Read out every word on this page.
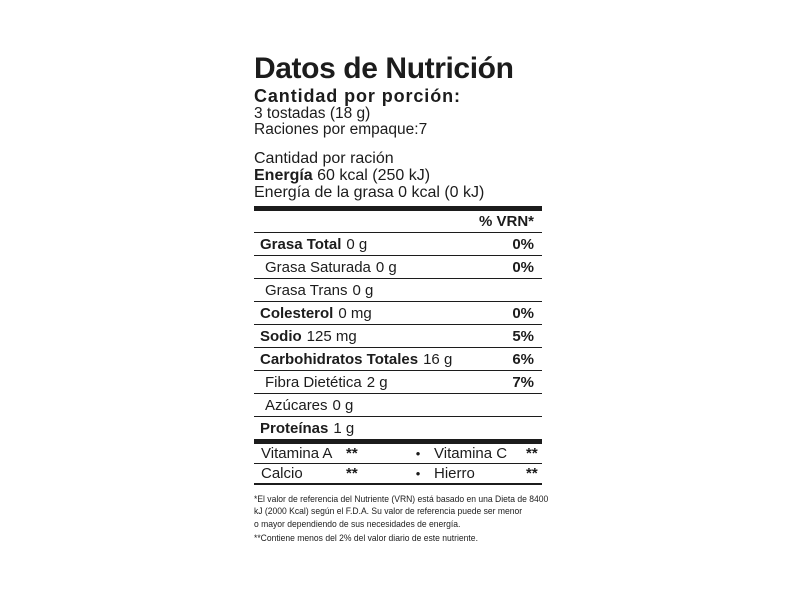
Datos de Nutrición
Cantidad por porción:
3 tostadas (18 g)
Raciones por empaque:7
Cantidad por ración
Energía 60 kcal (250 kJ)
Energía de la grasa 0 kcal (0 kJ)
% VRN*
Grasa Total 0 g	0%
Grasa Saturada 0 g	0%
Grasa Trans 0 g
Colesterol 0 mg	0%
Sodio 125 mg	5%
Carbohidratos Totales 16 g	6%
Fibra Dietética 2 g	7%
Azúcares 0 g
Proteínas 1 g
Vitamina A **	• Vitamina C	**
Calcio	**	• Hierro	**
*El valor de referencia del Nutriente (VRN) está basado en una Dieta de 8400
kJ (2000 Kcal) según el F.D.A. Su valor de referencia puede ser menor
o mayor dependiendo de sus necesidades de energía.
**Contiene menos del 2% del valor diario de este nutriente.
